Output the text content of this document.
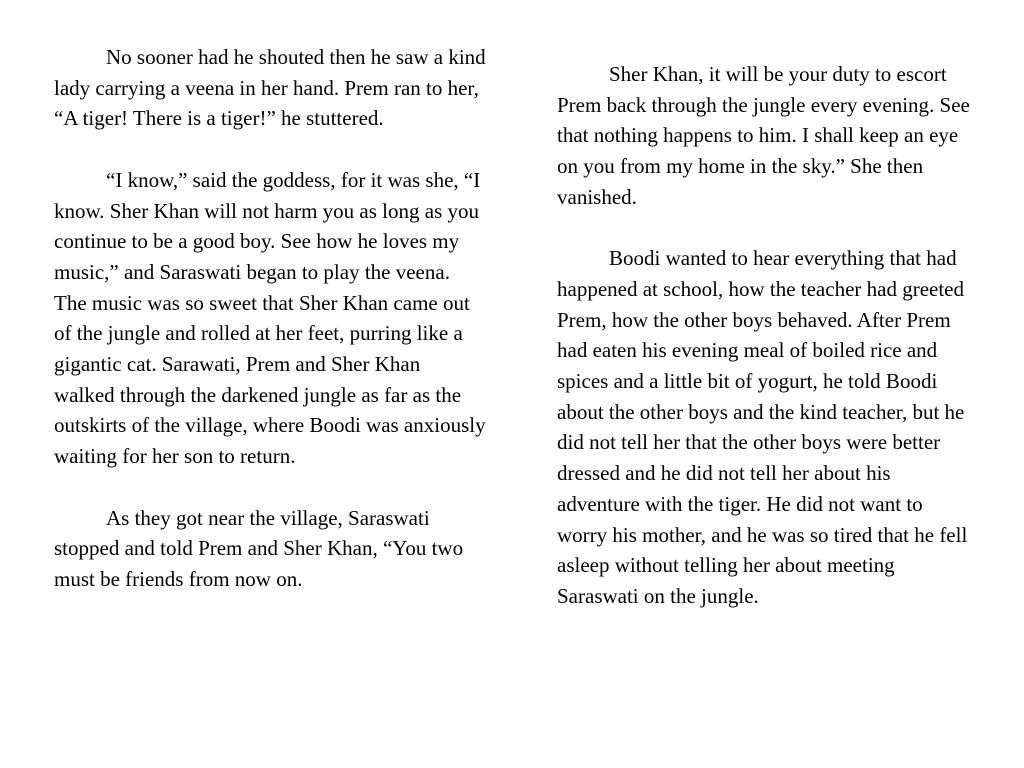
No sooner had he shouted then he saw a kind lady carrying a veena in her hand. Prem ran to her, “A tiger! There is a tiger!” he stuttered.

“I know,” said the goddess, for it was she, “I know. Sher Khan will not harm you as long as you continue to be a good boy. See how he loves my music,” and Saraswati began to play the veena. The music was so sweet that Sher Khan came out of the jungle and rolled at her feet, purring like a gigantic cat. Sarawati, Prem and Sher Khan walked through the darkened jungle as far as the outskirts of the village, where Boodi was anxiously waiting for her son to return.

As they got near the village, Saraswati stopped and told Prem and Sher Khan, “You two must be friends from now on.

Sher Khan, it will be your duty to escort Prem back through the jungle every evening. See that nothing happens to him. I shall keep an eye on you from my home in the sky.” She then vanished.

Boodi wanted to hear everything that had happened at school, how the teacher had greeted Prem, how the other boys behaved. After Prem had eaten his evening meal of boiled rice and spices and a little bit of yogurt, he told Boodi about the other boys and the kind teacher, but he did not tell her that the other boys were better dressed and he did not tell her about his adventure with the tiger. He did not want to worry his mother, and he was so tired that he fell asleep without telling her about meeting Saraswati on the jungle.
